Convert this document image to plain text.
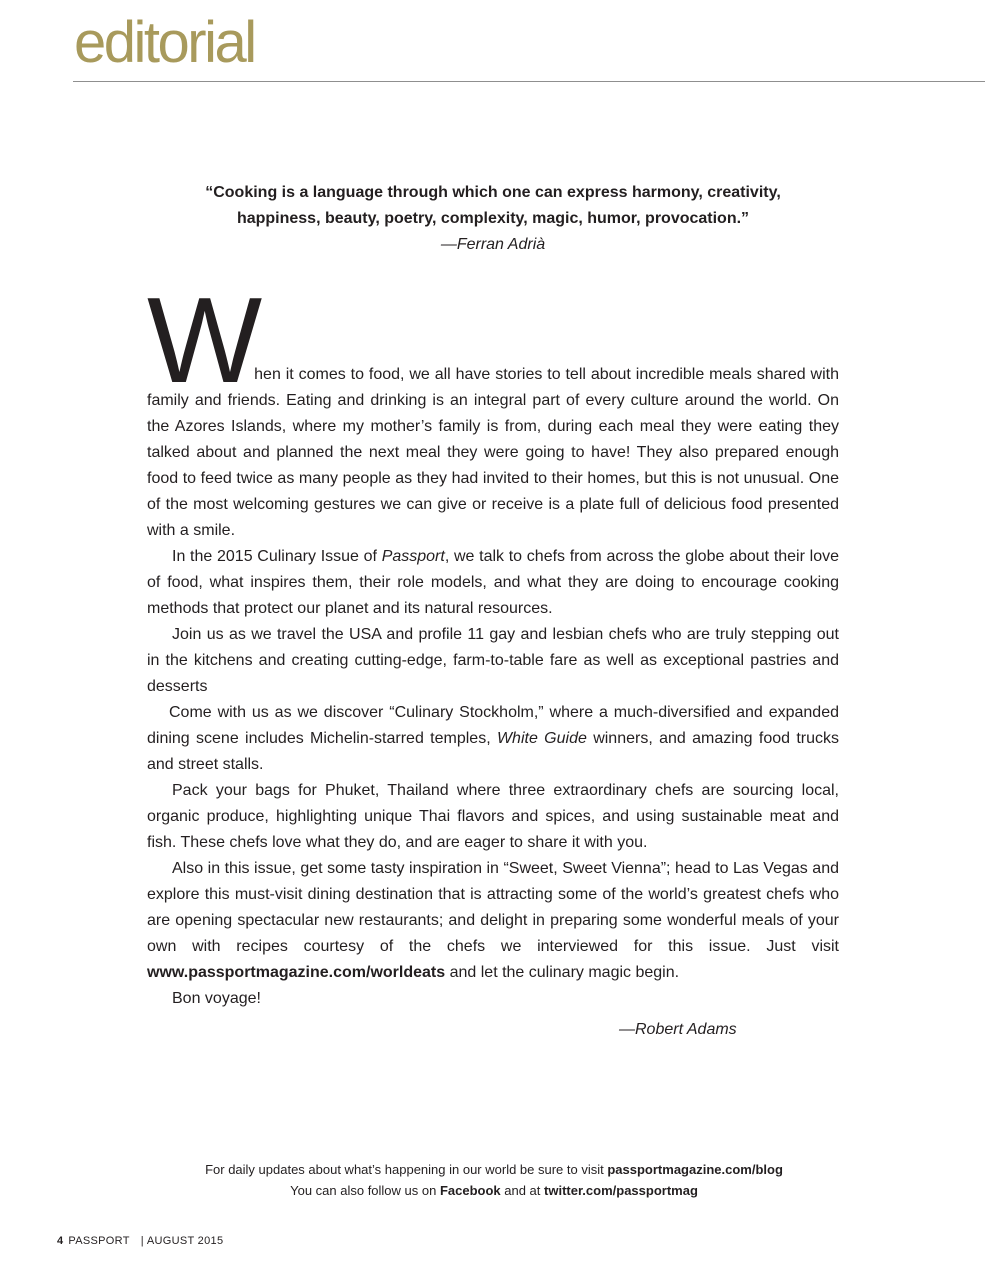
editorial

“Cooking is a language through which one can express harmony, creativity,
happiness, beauty, poetry, complexity, magic, humor, provocation.”

—Ferran Adrià

W
hen it comes to food, we all have stories to tell about incredible meals shared with family and friends. Eating and drinking is an integral part of every culture around the world. On the Azores Islands, where my mother’s family is from, during each meal they were eating they talked about and planned the next meal they were going to have! They also prepared enough food to feed twice as many people as they had invited to their homes, but this is not unusual. One of the most welcoming gestures we can give or receive is a plate full of delicious food presented with a smile.

In the 2015 Culinary Issue of Passport, we talk to chefs from across the globe about their love of food, what inspires them, their role models, and what they are doing to encourage cooking methods that protect our planet and its natural resources.

Join us as we travel the USA and profile 11 gay and lesbian chefs who are truly stepping out in the kitchens and creating cutting-edge, farm-to-table fare as well as exceptional pastries and desserts

Come with us as we discover “Culinary Stockholm,” where a much-diversified and expanded dining scene includes Michelin-starred temples, White Guide winners, and amazing food trucks and street stalls.

Pack your bags for Phuket, Thailand where three extraordinary chefs are sourcing local, organic produce, highlighting unique Thai flavors and spices, and using sustainable meat and fish. These chefs love what they do, and are eager to share it with you.

Also in this issue, get some tasty inspiration in “Sweet, Sweet Vienna”; head to Las Vegas and explore this must-visit dining destination that is attracting some of the world’s greatest chefs who are opening spectacular new restaurants; and delight in preparing some wonderful meals of your own with recipes courtesy of the chefs we interviewed for this issue. Just visit www.passportmagazine.com/worldeats and let the culinary magic begin.

Bon voyage!

—Robert Adams
For daily updates about what’s happening in our world be sure to visit passportmagazine.com/blog
You can also follow us on Facebook and at twitter.com/passportmag
4 PASSPORT | AUGUST 2015
